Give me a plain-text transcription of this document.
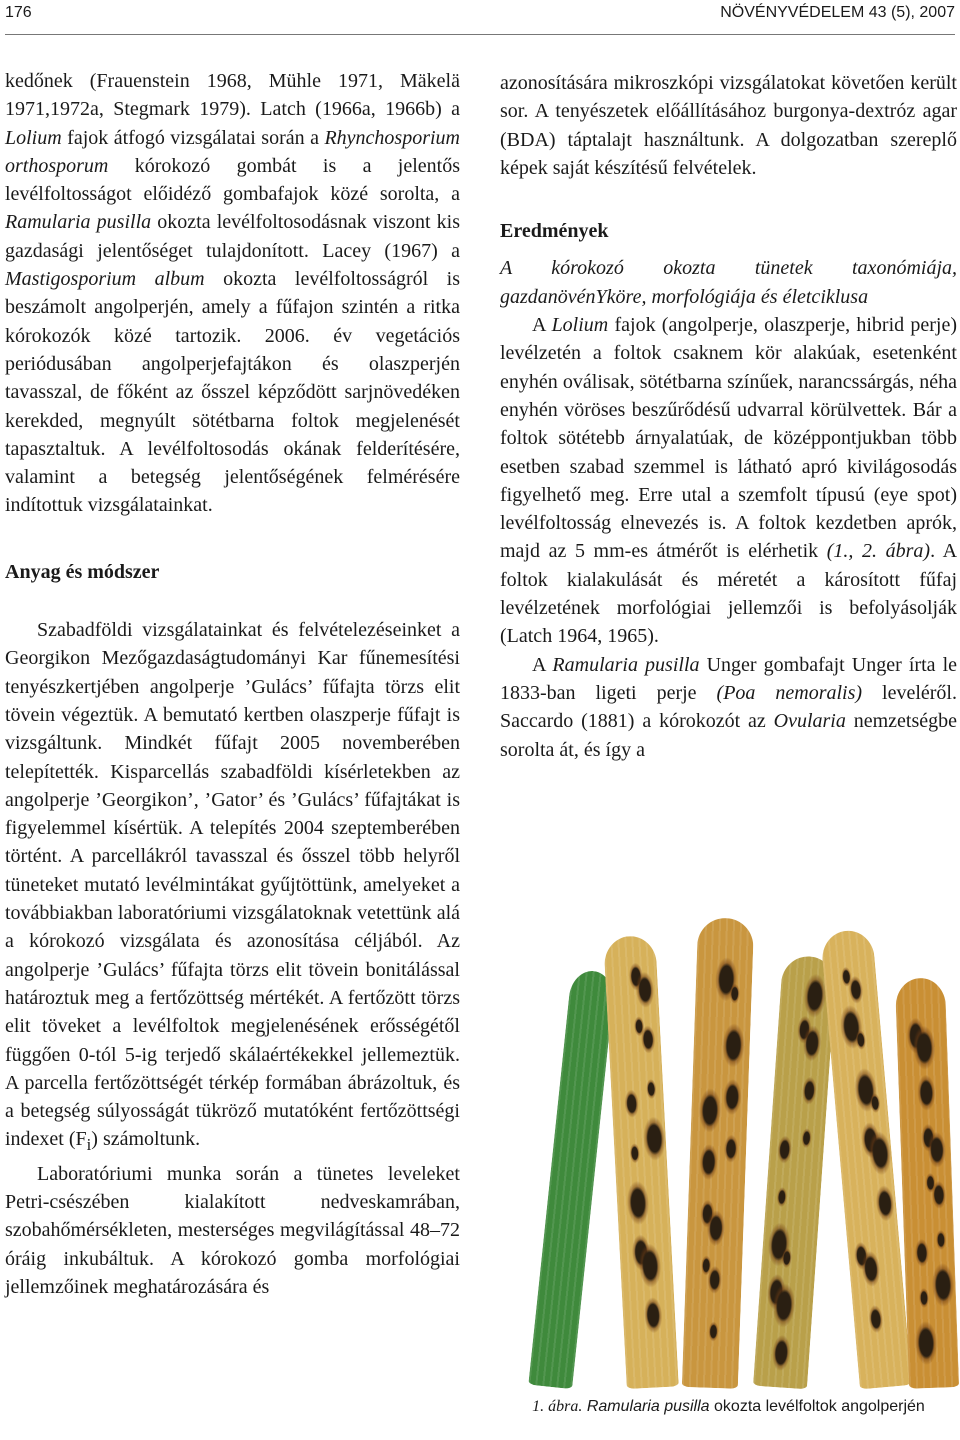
176	NÖVÉNYVÉDELEM 43 (5), 2007

kedőnek (Frauenstein 1968, Mühle 1971, Mäkelä 1971,1972a, Stegmark 1979). Latch (1966a, 1966b) a Lolium fajok átfogó vizsgálatai során a Rhynchosporium orthosporum kórokozó gombát is a jelentős levélfoltosságot előidéző gombafajok közé sorolta, a Ramularia pusilla okozta levélfoltosodásnak viszont kis gazdasági jelentőséget tulajdonított. Lacey (1967) a Mastigosporium album okozta levélfoltosságról is beszámolt angolperjén, amely a fűfajon szintén a ritka kórokozók közé tartozik. 2006. év vegetációs periódusában angolperjefajtákon és olaszperjén tavasszal, de főként az ősszel képződött sarjnövedéken kerekded, megnyúlt sötétbarna foltok megjelenését tapasztaltuk. A levélfoltosodás okának felderítésére, valamint a betegség jelentőségének felmérésére indítottuk vizsgálatainkat.

Anyag és módszer

Szabadföldi vizsgálatainkat és felvételezéseinket a Georgikon Mezőgazdaságtudományi Kar fűnemesítési tenyészkertjében angolperje ’Gulács’ fűfajta törzs elit tövein végeztük. A bemutató kertben olaszperje fűfajt is vizsgáltunk. Mindkét fűfajt 2005 novemberében telepítették. Kisparcellás szabadföldi kísérletekben az angolperje ’Georgikon’, ’Gator’ és ’Gulács’ fűfajtákat is figyelemmel kísértük. A telepítés 2004 szeptemberében történt. A parcellákról tavasszal és ősszel több helyről tüneteket mutató levélmintákat gyűjtöttünk, amelyeket a továbbiakban laboratóriumi vizsgálatoknak vetettünk alá a kórokozó vizsgálata és azonosítása céljából. Az angolperje ’Gulács’ fűfajta törzs elit tövein bonitálással határoztuk meg a fertőzöttség mértékét. A fertőzött törzs elit töveket a levélfoltok megjelenésének erősségétől függően 0-tól 5-ig terjedő skálaértékekkel jellemeztük. A parcella fertőzöttségét térkép formában ábrázoltuk, és a betegség súlyosságát tükröző mutatóként fertőzöttségi indexet $(F_i)$ számoltunk.

Laboratóriumi munka során a tünetes leveleket Petri-csészében kialakított nedveskamrában, szobahőmérsékleten, mesterséges megvilágítással 48–72 óráig inkubáltuk. A kórokozó gomba morfológiai jellemzőinek meghatározására és

azonosítására mikroszkópi vizsgálatokat követően került sor. A tenyészetek előállításához burgonya-dextróz agar (BDA) táptalajt használtunk. A dolgozatban szereplő képek saját készítésű felvételek.

Eredmények

A kórokozó okozta tünetek taxonómiája, gazdanövénYköre, morfológiája és életciklusa

A Lolium fajok (angolperje, olaszperje, hibrid perje) levélzetén a foltok csaknem kör alakúak, esetenként enyhén oválisak, sötétbarna színűek, narancssárgás, néha enyhén vöröses beszűrődésű udvarral körülvettek. Bár a foltok sötétebb árnyalatúak, de középpontjukban több esetben szabad szemmel is látható apró kivilágosodás figyelhető meg. Erre utal a szemfolt típusú (eye spot) levélfoltosság elnevezés is. A foltok kezdetben aprók, majd az 5 mm-es átmérőt is elérhetik (1., 2. ábra). A foltok kialakulását és méretét a károsított fűfaj levélzetének morfológiai jellemzői is befolyásolják (Latch 1964, 1965).

A Ramularia pusilla Unger gombafajt Unger írta le 1833-ban ligeti perje (Poa nemoralis) leveléről. Saccardo (1881) a kórokozót az Ovularia nemzetségbe sorolta át, és így a

1. ábra. Ramularia pusilla okozta levélfoltok angolperjén
